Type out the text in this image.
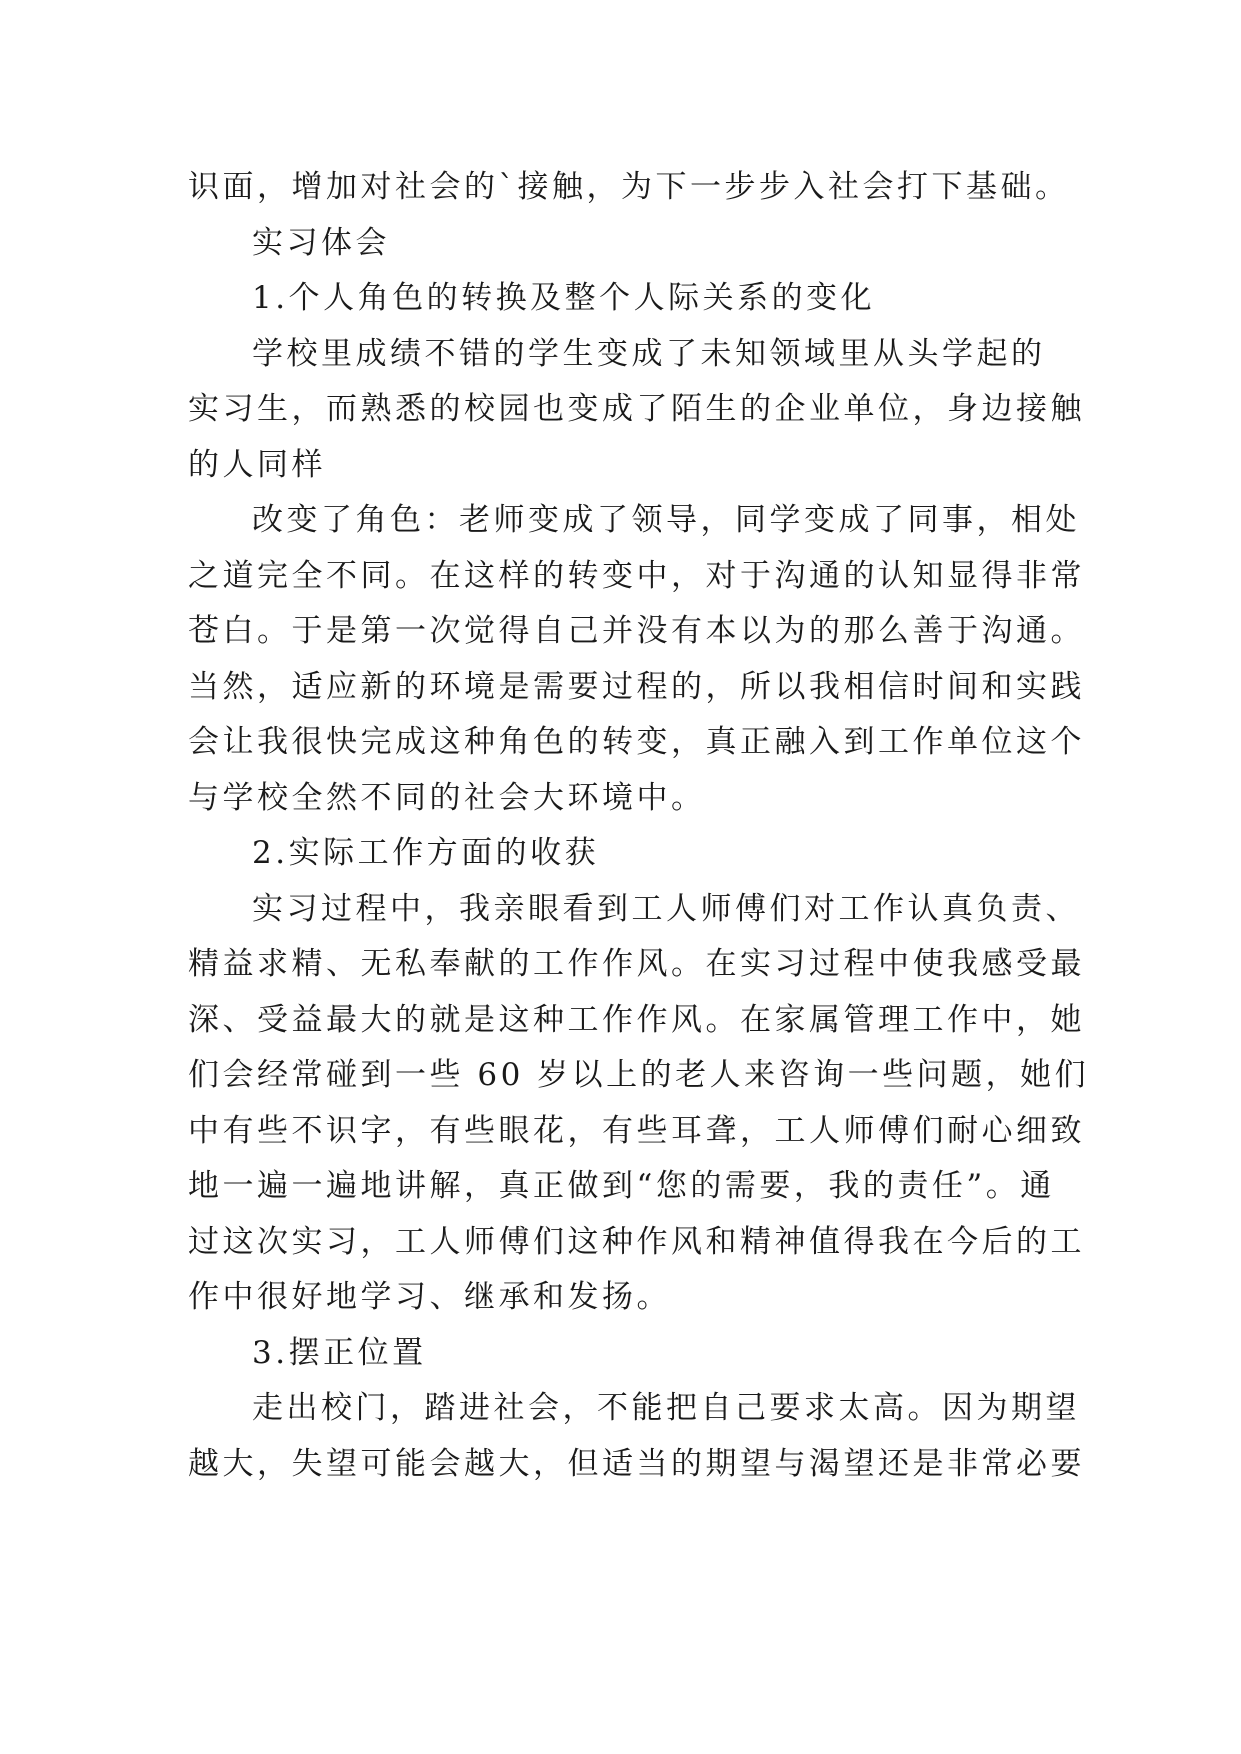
识面，增加对社会的`接触，为下一步步入社会打下基础。
实习体会
1.个人角色的转换及整个人际关系的变化
学校里成绩不错的学生变成了未知领域里从头学起的
实习生，而熟悉的校园也变成了陌生的企业单位，身边接触
的人同样
改变了角色：老师变成了领导，同学变成了同事，相处
之道完全不同。在这样的转变中，对于沟通的认知显得非常
苍白。于是第一次觉得自己并没有本以为的那么善于沟通。
当然，适应新的环境是需要过程的，所以我相信时间和实践
会让我很快完成这种角色的转变，真正融入到工作单位这个
与学校全然不同的社会大环境中。
2.实际工作方面的收获
实习过程中，我亲眼看到工人师傅们对工作认真负责、
精益求精、无私奉献的工作作风。在实习过程中使我感受最
深、受益最大的就是这种工作作风。在家属管理工作中，她
们会经常碰到一些 60 岁以上的老人来咨询一些问题，她们
中有些不识字，有些眼花，有些耳聋，工人师傅们耐心细致
地一遍一遍地讲解，真正做到“您的需要，我的责任”。通
过这次实习，工人师傅们这种作风和精神值得我在今后的工
作中很好地学习、继承和发扬。
3.摆正位置
走出校门，踏进社会，不能把自己要求太高。因为期望
越大，失望可能会越大，但适当的期望与渴望还是非常必要
